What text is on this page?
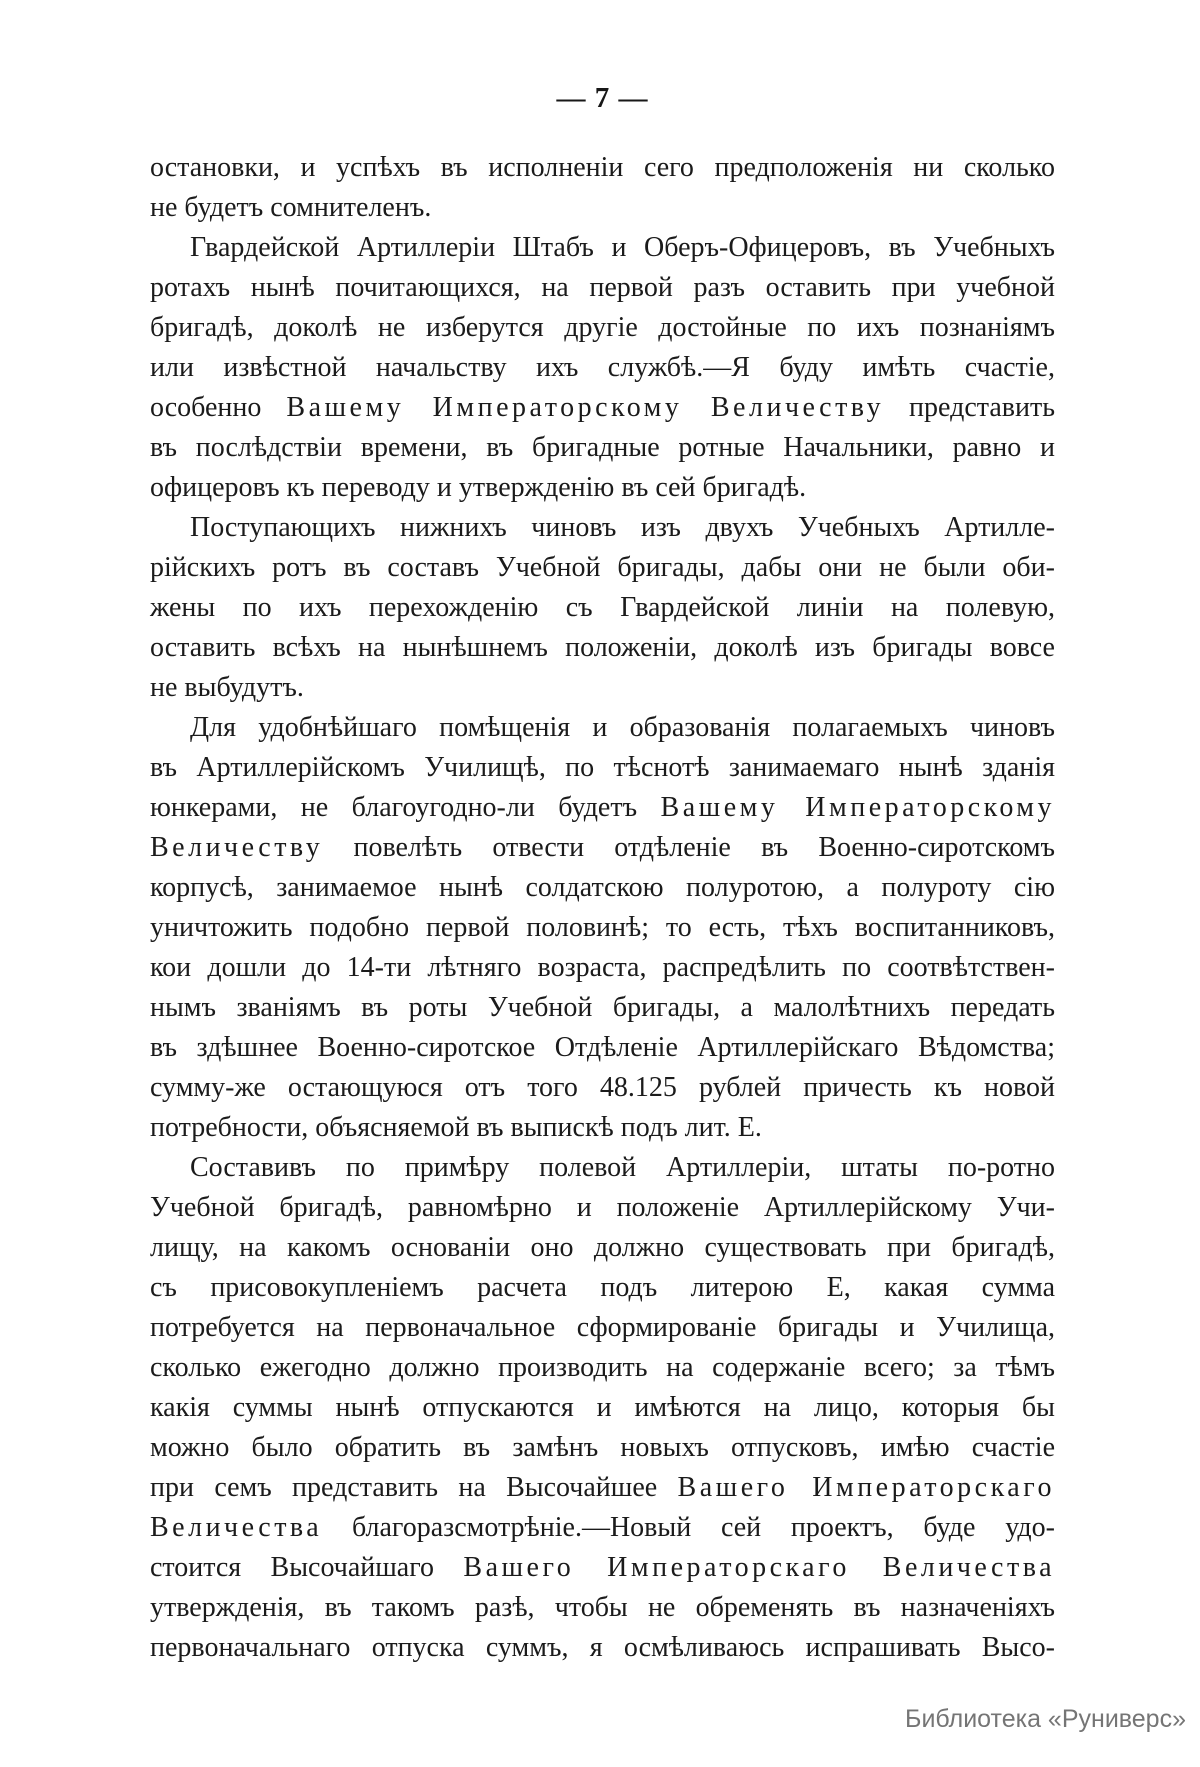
— 7 —
остановки, и успѣхъ въ исполненіи сего предположенія ни сколько
не будетъ сомнителенъ.
Гвардейской Артиллеріи Штабъ и Оберъ-Офицеровъ, въ Учебныхъ
ротахъ нынѣ почитающихся, на первой разъ оставить при учебной
бригадѣ, доколѣ не изберутся другіе достойные по ихъ познаніямъ
или извѣстной начальству ихъ службѣ.—Я буду имѣть счастіе,
особенно Вашему Императорскому Величеству представить
въ послѣдствіи времени, въ бригадные ротные Начальники, равно и
офицеровъ къ переводу и утвержденію въ сей бригадѣ.
Поступающихъ нижнихъ чиновъ изъ двухъ Учебныхъ Артилле-
рійскихъ ротъ въ составъ Учебной бригады, дабы они не были оби-
жены по ихъ перехожденію съ Гвардейской линіи на полевую,
оставить всѣхъ на нынѣшнемъ положеніи, доколѣ изъ бригады вовсе
не выбудутъ.
Для удобнѣйшаго помѣщенія и образованія полагаемыхъ чиновъ
въ Артиллерійскомъ Училищѣ, по тѣснотѣ занимаемаго нынѣ зданія
юнкерами, не благоугодно-ли будетъ Вашему Императорскому
Величеству повелѣть отвести отдѣленіе въ Военно-сиротскомъ
корпусѣ, занимаемое нынѣ солдатскою полуротою, а полуроту сію
уничтожить подобно первой половинѣ; то есть, тѣхъ воспитанниковъ,
кои дошли до 14-ти лѣтняго возраста, распредѣлить по соотвѣтствен-
нымъ званіямъ въ роты Учебной бригады, а малолѣтнихъ передать
въ здѣшнее Военно-сиротское Отдѣленіе Артиллерійскаго Вѣдомства;
сумму-же остающуюся отъ того 48.125 рублей причесть къ новой
потребности, объясняемой въ выпискѣ подъ лит. Е.
Составивъ по примѣру полевой Артиллеріи, штаты по-ротно
Учебной бригадѣ, равномѣрно и положеніе Артиллерійскому Учи-
лищу, на какомъ основаніи оно должно существовать при бригадѣ,
съ присовокупленіемъ расчета подъ литерою Е, какая сумма
потребуется на первоначальное сформированіе бригады и Училища,
сколько ежегодно должно производить на содержаніе всего; за тѣмъ
какія суммы нынѣ отпускаются и имѣются на лицо, которыя бы
можно было обратить въ замѣнъ новыхъ отпусковъ, имѣю счастіе
при семъ представить на Высочайшее Вашего Императорскаго
Величества благоразсмотрѣніе.—Новый сей проектъ, буде удо-
стоится Высочайшаго Вашего Императорскаго Величества
утвержденія, въ такомъ разѣ, чтобы не обременять въ назначеніяхъ
первоначальнаго отпуска суммъ, я осмѣливаюсь испрашивать Высо-
Библиотека «Руниверс»
